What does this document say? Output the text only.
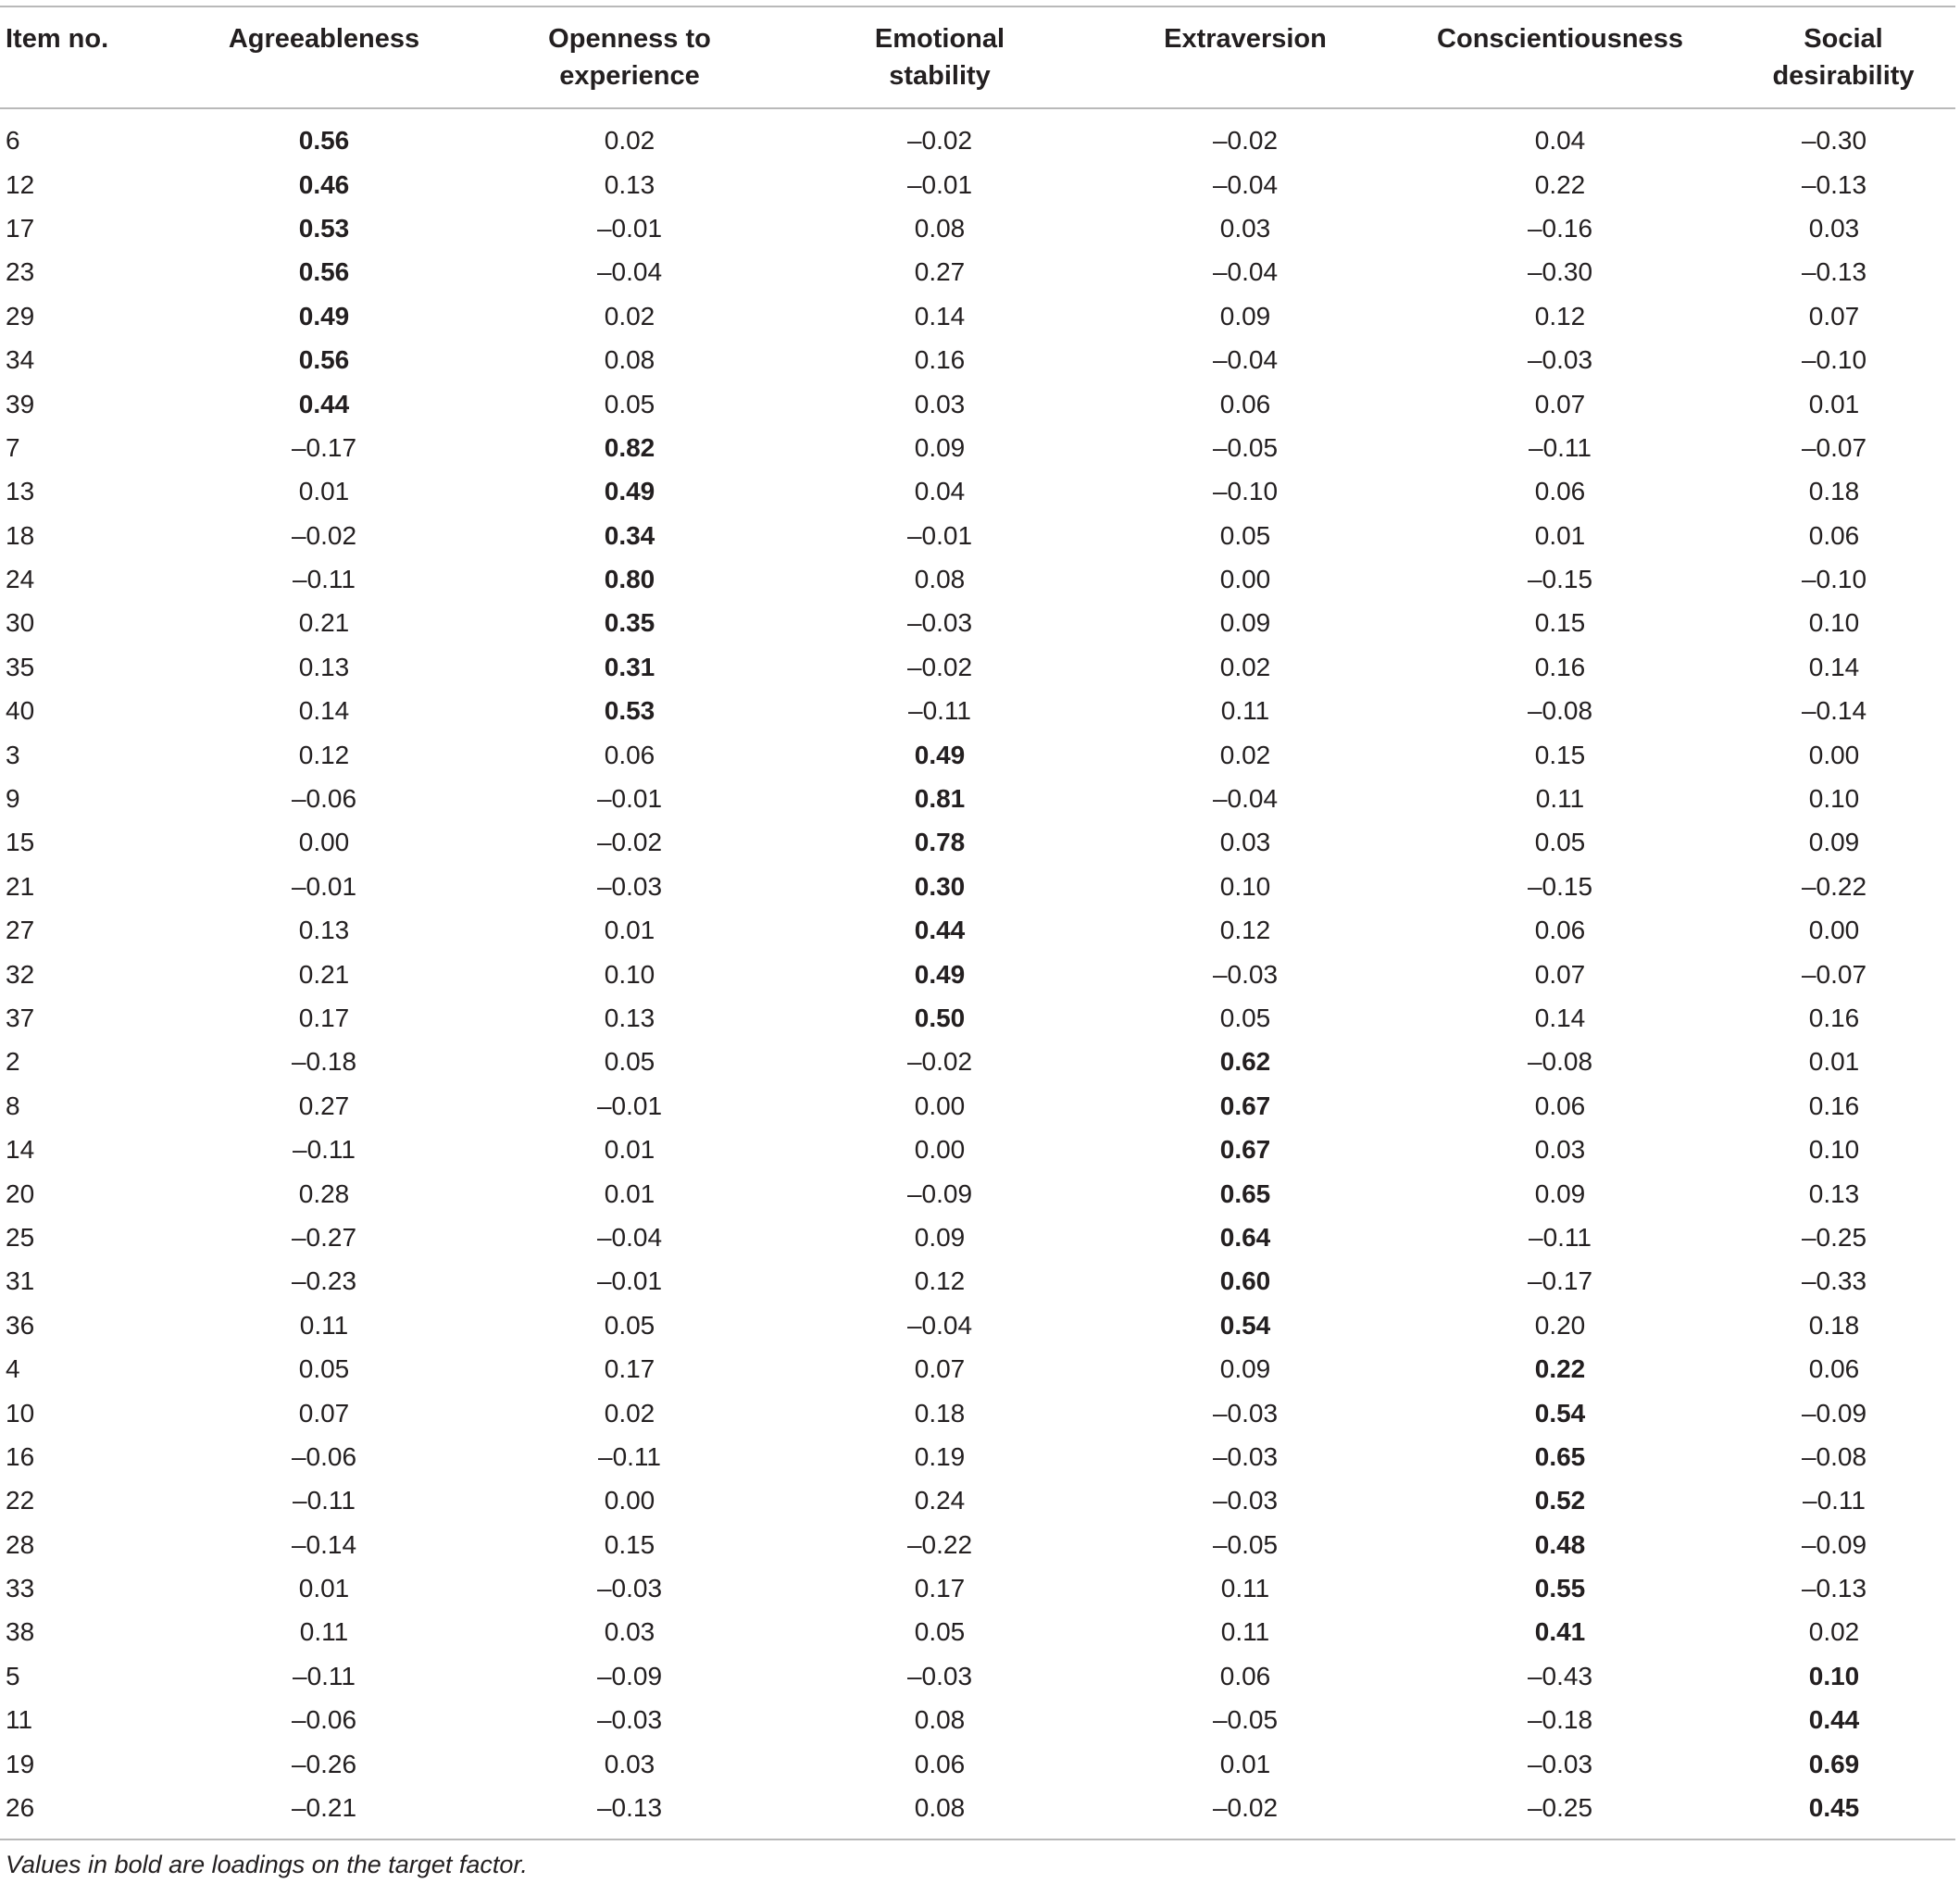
Item no.	Agreeableness	Openness to experience	Emotional stability	Extraversion	Conscientiousness	Social desirability
6	0.56	0.02	–0.02	–0.02	0.04	–0.30
12	0.46	0.13	–0.01	–0.04	0.22	–0.13
17	0.53	–0.01	0.08	0.03	–0.16	0.03
23	0.56	–0.04	0.27	–0.04	–0.30	–0.13
29	0.49	0.02	0.14	0.09	0.12	0.07
34	0.56	0.08	0.16	–0.04	–0.03	–0.10
39	0.44	0.05	0.03	0.06	0.07	0.01
7	–0.17	0.82	0.09	–0.05	–0.11	–0.07
13	0.01	0.49	0.04	–0.10	0.06	0.18
18	–0.02	0.34	–0.01	0.05	0.01	0.06
24	–0.11	0.80	0.08	0.00	–0.15	–0.10
30	0.21	0.35	–0.03	0.09	0.15	0.10
35	0.13	0.31	–0.02	0.02	0.16	0.14
40	0.14	0.53	–0.11	0.11	–0.08	–0.14
3	0.12	0.06	0.49	0.02	0.15	0.00
9	–0.06	–0.01	0.81	–0.04	0.11	0.10
15	0.00	–0.02	0.78	0.03	0.05	0.09
21	–0.01	–0.03	0.30	0.10	–0.15	–0.22
27	0.13	0.01	0.44	0.12	0.06	0.00
32	0.21	0.10	0.49	–0.03	0.07	–0.07
37	0.17	0.13	0.50	0.05	0.14	0.16
2	–0.18	0.05	–0.02	0.62	–0.08	0.01
8	0.27	–0.01	0.00	0.67	0.06	0.16
14	–0.11	0.01	0.00	0.67	0.03	0.10
20	0.28	0.01	–0.09	0.65	0.09	0.13
25	–0.27	–0.04	0.09	0.64	–0.11	–0.25
31	–0.23	–0.01	0.12	0.60	–0.17	–0.33
36	0.11	0.05	–0.04	0.54	0.20	0.18
4	0.05	0.17	0.07	0.09	0.22	0.06
10	0.07	0.02	0.18	–0.03	0.54	–0.09
16	–0.06	–0.11	0.19	–0.03	0.65	–0.08
22	–0.11	0.00	0.24	–0.03	0.52	–0.11
28	–0.14	0.15	–0.22	–0.05	0.48	–0.09
33	0.01	–0.03	0.17	0.11	0.55	–0.13
38	0.11	0.03	0.05	0.11	0.41	0.02
5	–0.11	–0.09	–0.03	0.06	–0.43	0.10
11	–0.06	–0.03	0.08	–0.05	–0.18	0.44
19	–0.26	0.03	0.06	0.01	–0.03	0.69
26	–0.21	–0.13	0.08	–0.02	–0.25	0.45
Values in bold are loadings on the target factor.						
